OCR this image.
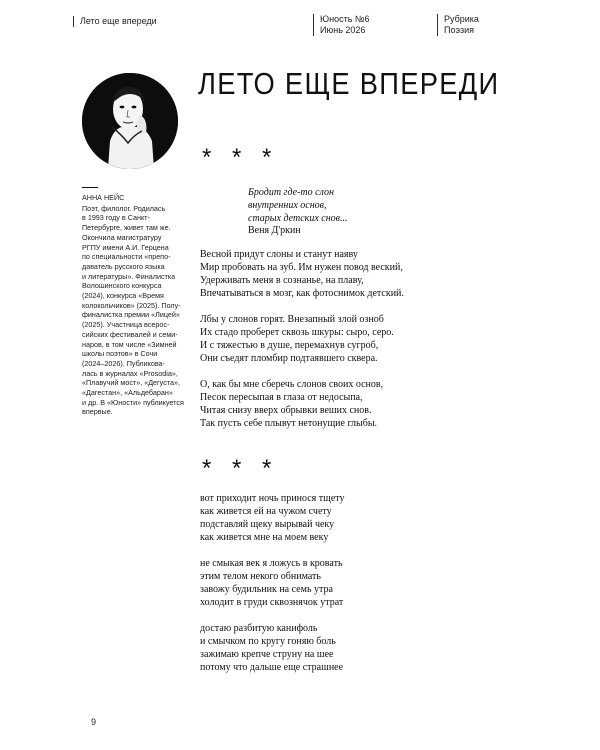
Лето еще впереди	Юность №6
Июнь 2026
Рубрика
Поэзия
ЛЕТО ЕЩЕ ВПЕРЕДИ
* * *
АННА НЕЙС
Поэт, филолог. Родилась
в 1993 году в Санкт-
Петербурге, живет там же.
Окончила магистратуру
РГПУ имени А.И. Герцена
по специальности «препо-
даватель русского языка
и литературы». Финалистка
Волошинского конкурса
(2024), конкурса «Время
колокольчиков» (2025). Полу-
финалистка премии «Лицей»
(2025). Участница всерос-
сийских фестивалей и семи-
наров, в том числе «Зимней
школы поэтов» в Сочи
(2024–2026). Публикова-
лась в журналах «Prosodia»,
«Плавучий мост», «Дегуста»,
«Дагестан», «Альдебаран»
и др. В «Юности» публикуется
впервые.
Бродит где-то слон
внутренних основ,
старых детских снов...
Веня Д'ркин
Весной придут слоны и станут наяву
Мир пробовать на зуб. Им нужен повод веский,
Удерживать меня в сознанье, на плаву,
Впечатываться в мозг, как фотоснимок детский.
Лбы у слонов горят. Внезапный злой озноб
Их стадо проберет сквозь шкуры: сыро, серо.
И с тяжестью в душе, перемахнув сугроб,
Они съедят пломбир подтаявшего сквера.
О, как бы мне сберечь слонов своих основ,
Песок пересыпая в глаза от недосыпа,
Читая снизу вверх обрывки веших снов.
Так пусть себе плывут нетонущие глыбы.
* * *
вот приходит ночь принося тщету
как живется ей на чужом счету
подставляй щеку вырывай чеку
как живется мне на моем веку
не смыкая век я ложусь в кровать
этим телом некого обнимать
завожу будильник на семь утра
холодит в груди сквознячок утрат
достаю разбитую канифоль
и смычком по кругу гоняю боль
зажимаю крепче струну на шее
потому что дальше еще страшнее
9
